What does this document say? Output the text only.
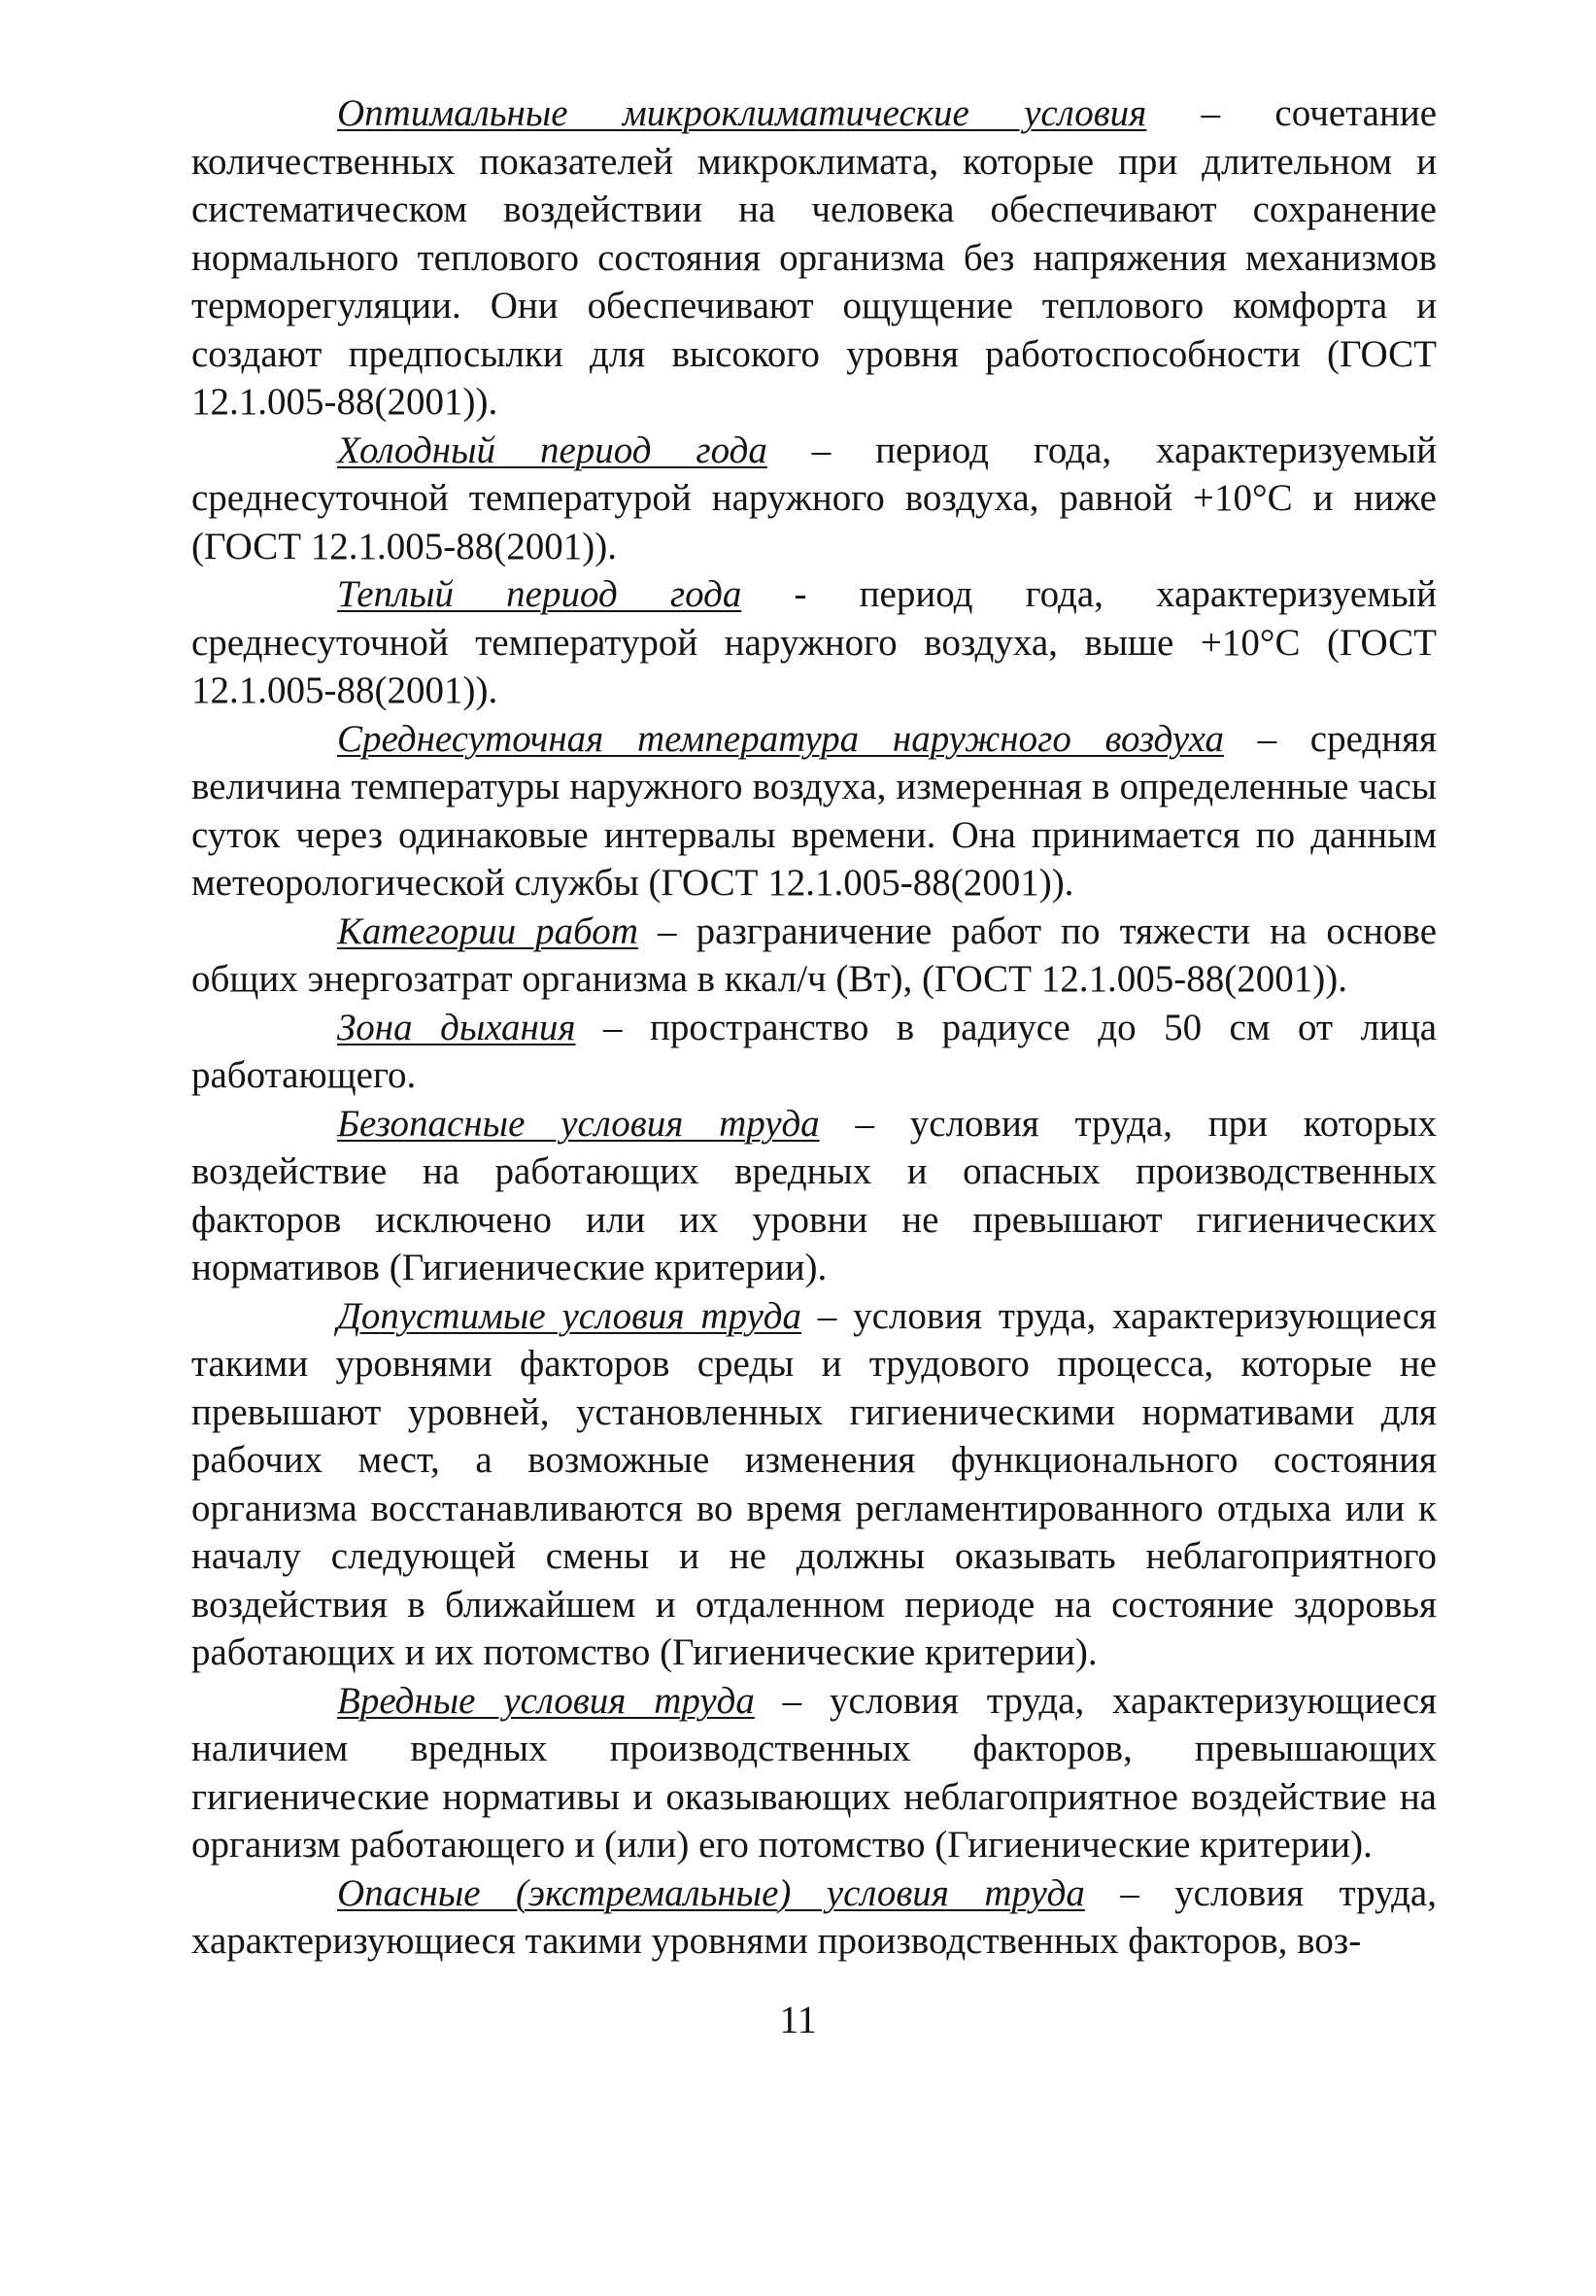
Оптимальные микроклиматические условия – сочетание количественных показателей микроклимата, которые при длительном и систематическом воздействии на человека обеспечивают сохранение нормального теплового состояния организма без напряжения механизмов терморегуляции. Они обеспечивают ощущение теплового комфорта и создают предпосылки для высокого уровня работоспособности (ГОСТ 12.1.005-88(2001)).

Холодный период года – период года, характеризуемый среднесуточной температурой наружного воздуха, равной +10°С и ниже (ГОСТ 12.1.005-88(2001)).

Теплый период года - период года, характеризуемый среднесуточной температурой наружного воздуха, выше +10°С (ГОСТ 12.1.005-88(2001)).

Среднесуточная температура наружного воздуха – средняя величина температуры наружного воздуха, измеренная в определенные часы суток через одинаковые интервалы времени. Она принимается по данным метеорологической службы (ГОСТ 12.1.005-88(2001)).

Категории работ – разграничение работ по тяжести на основе общих энергозатрат организма в ккал/ч (Вт), (ГОСТ 12.1.005-88(2001)).

Зона дыхания – пространство в радиусе до 50 см от лица работающего.

Безопасные условия труда – условия труда, при которых воздействие на работающих вредных и опасных производственных факторов исключено или их уровни не превышают гигиенических нормативов (Гигиенические критерии).

Допустимые условия труда – условия труда, характеризующиеся такими уровнями факторов среды и трудового процесса, которые не превышают уровней, установленных гигиеническими нормативами для рабочих мест, а возможные изменения функционального состояния организма восстанавливаются во время регламентированного отдыха или к началу следующей смены и не должны оказывать неблагоприятного воздействия в ближайшем и отдаленном периоде на состояние здоровья работающих и их потомство (Гигиенические критерии).

Вредные условия труда – условия труда, характеризующиеся наличием вредных производственных факторов, превышающих гигиенические нормативы и оказывающих неблагоприятное воздействие на организм работающего и (или) его потомство (Гигиенические критерии).

Опасные (экстремальные) условия труда – условия труда, характеризующиеся такими уровнями производственных факторов, воз-

11
